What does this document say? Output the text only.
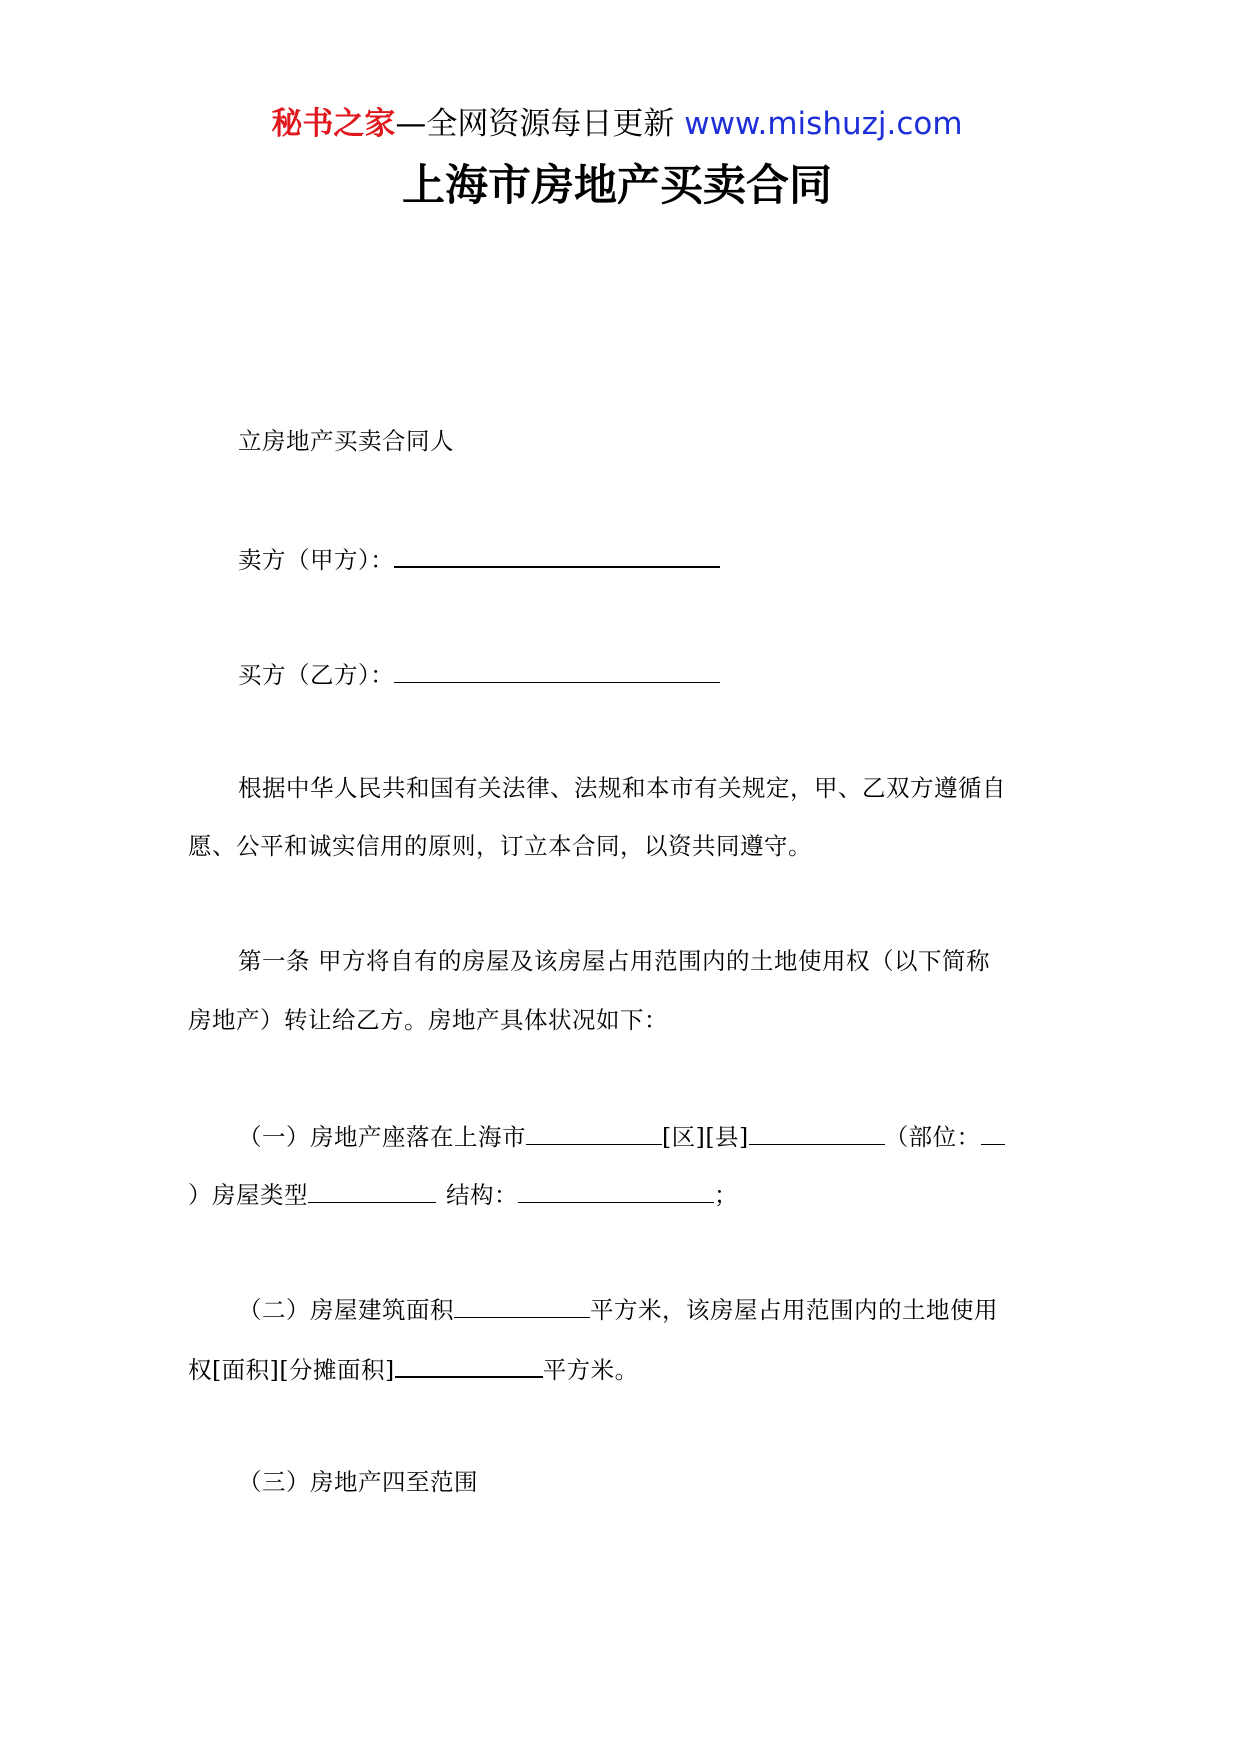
秘书之家—全网资源每日更新 www.mishuzj.com
上海市房地产买卖合同
立房地产买卖合同人
卖方（甲方）：
买方（乙方）：
根据中华人民共和国有关法律、法规和本市有关规定，甲、乙双方遵循自
愿、公平和诚实信用的原则，订立本合同，以资共同遵守。
第一条 甲方将自有的房屋及该房屋占用范围内的土地使用权（以下简称
房地产）转让给乙方。房地产具体状况如下：
（一）房地产座落在上海市	[区][县]	（部位：
）房屋类型	结构：	；
（二）房屋建筑面积	平方米，该房屋占用范围内的土地使用
权[面积][分摊面积]	平方米。
（三）房地产四至范围
